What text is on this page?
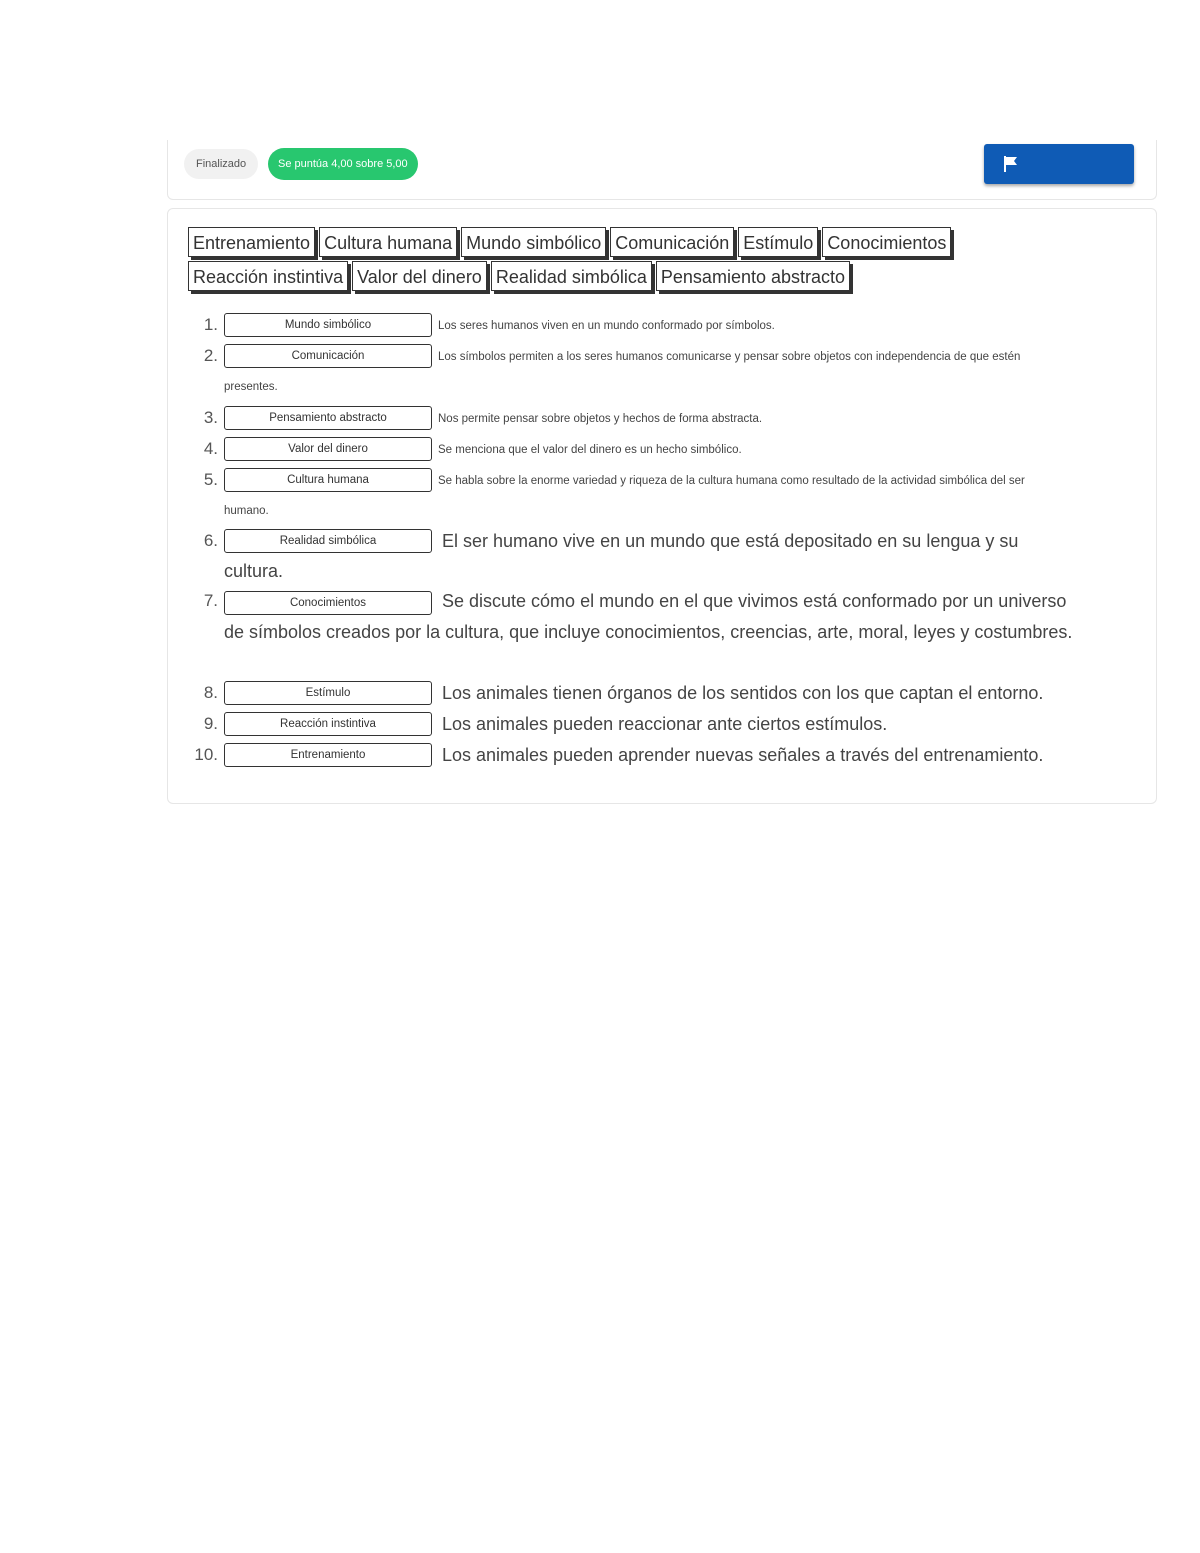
Finalizado	Se puntúa 4,00 sobre 5,00
Entrenamiento Cultura humana Mundo simbólico Comunicación Estímulo Conocimientos
Reacción instintiva Valor del dinero Realidad simbólica Pensamiento abstracto
1.	Mundo simbólico	Los seres humanos viven en un mundo conformado por símbolos.
2.	Comunicación	Los símbolos permiten a los seres humanos comunicarse y pensar sobre objetos con independencia de que estén
presentes.
3.	Pensamiento abstracto	Nos permite pensar sobre objetos y hechos de forma abstracta.
4.	Valor del dinero	Se menciona que el valor del dinero es un hecho simbólico.
5.	Cultura humana	Se habla sobre la enorme variedad y riqueza de la cultura humana como resultado de la actividad simbólica del ser
humano.
6.	Realidad simbólica	El ser humano vive en un mundo que está depositado en su lengua y su
cultura.
7.	Conocimientos	Se discute cómo el mundo en el que vivimos está conformado por un universo
de símbolos creados por la cultura, que incluye conocimientos, creencias, arte, moral, leyes y costumbres.
8.	Estímulo	Los animales tienen órganos de los sentidos con los que captan el entorno.
9.	Reacción instintiva	Los animales pueden reaccionar ante ciertos estímulos.
10.	Entrenamiento	Los animales pueden aprender nuevas señales a través del entrenamiento.
